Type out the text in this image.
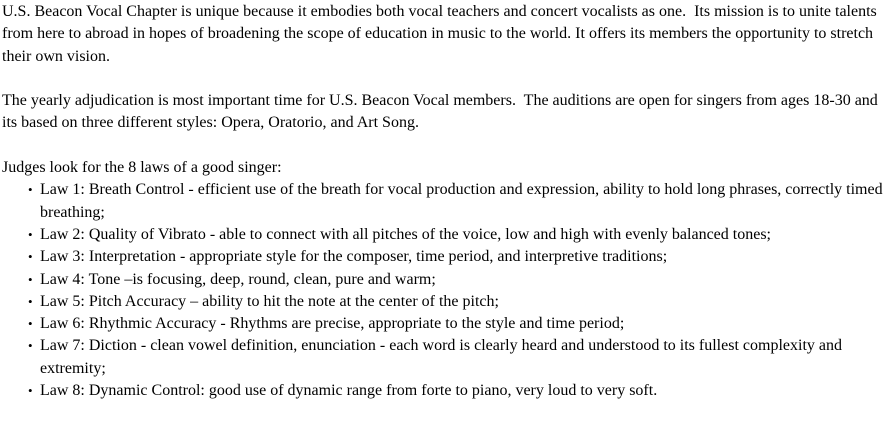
U.S. Beacon Vocal Chapter is unique because it embodies both vocal teachers and concert vocalists as one.  Its mission is to unite talents from here to abroad in hopes of broadening the scope of education in music to the world. It offers its members the opportunity to stretch their own vision.

The yearly adjudication is most important time for U.S. Beacon Vocal members.  The auditions are open for singers from ages 18-30 and its based on three different styles: Opera, Oratorio, and Art Song.

Judges look for the 8 laws of a good singer:

• Law 1: Breath Control - efficient use of the breath for vocal production and expression, ability to hold long phrases, correctly timed breathing;
• Law 2: Quality of Vibrato - able to connect with all pitches of the voice, low and high with evenly balanced tones;
• Law 3: Interpretation - appropriate style for the composer, time period, and interpretive traditions;
• Law 4: Tone –is focusing, deep, round, clean, pure and warm;
• Law 5: Pitch Accuracy – ability to hit the note at the center of the pitch;
• Law 6: Rhythmic Accuracy - Rhythms are precise, appropriate to the style and time period;
• Law 7: Diction - clean vowel definition, enunciation - each word is clearly heard and understood to its fullest complexity and extremity;
• Law 8: Dynamic Control: good use of dynamic range from forte to piano, very loud to very soft.
